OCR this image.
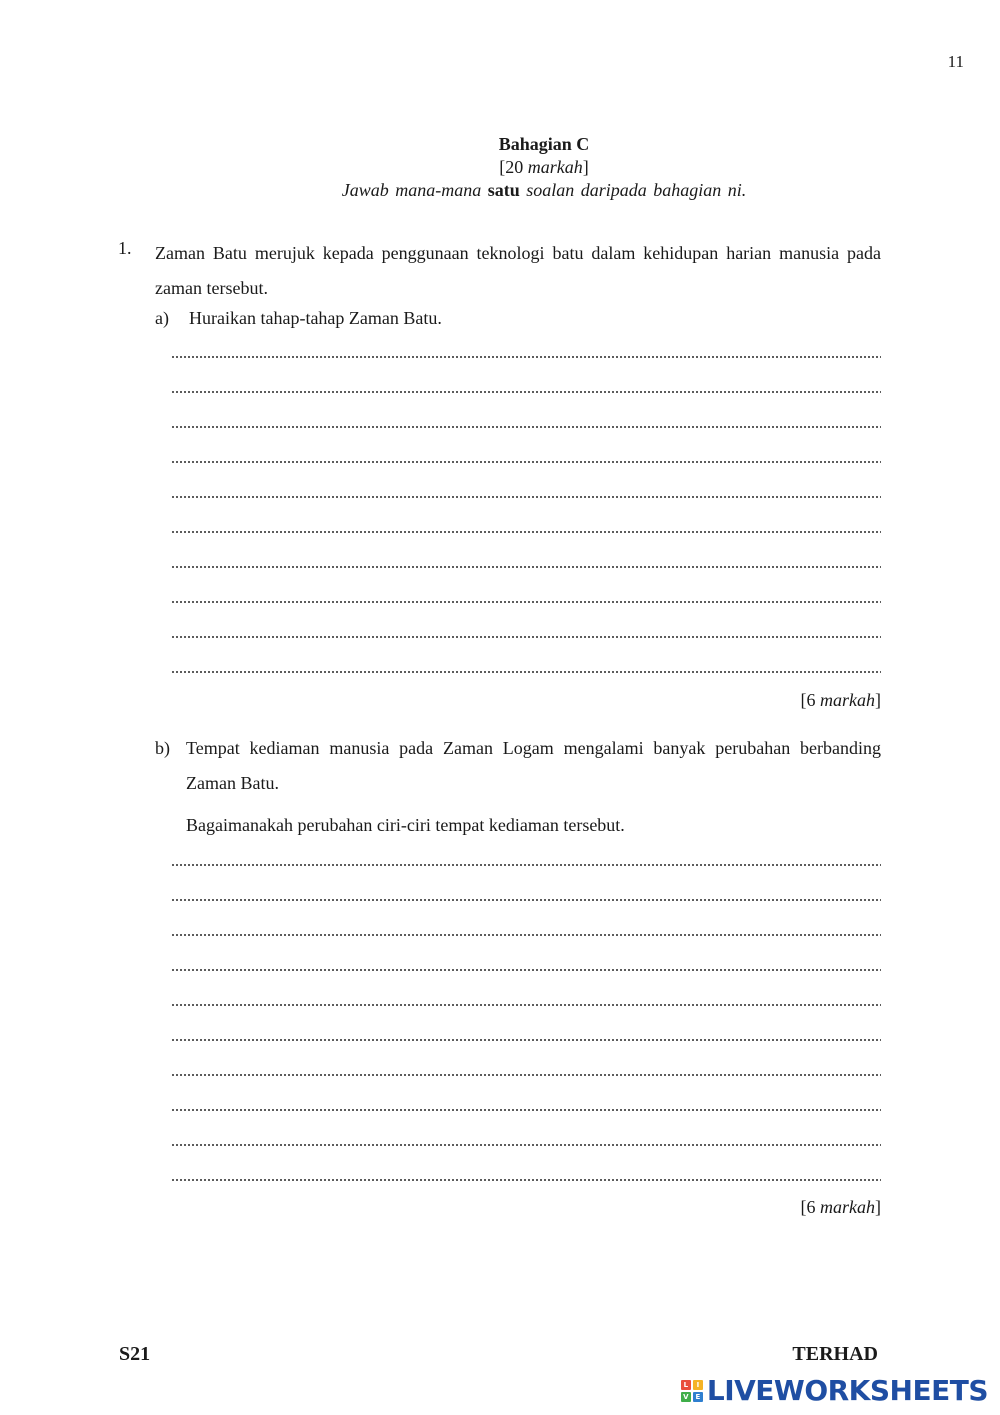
11
Bahagian C
[20 markah]
Jawab mana-mana satu soalan daripada bahagian ni.
1. Zaman Batu merujuk kepada penggunaan teknologi batu dalam kehidupan harian manusia pada zaman tersebut.
a) Huraikan tahap-tahap Zaman Batu.
[6 markah]
b) Tempat kediaman manusia pada Zaman Logam mengalami banyak perubahan berbanding Zaman Batu.
Bagaimanakah perubahan ciri-ciri tempat kediaman tersebut.
[6 markah]
S21	TERHAD
L	I
V E LIVEWORKSHEETS
